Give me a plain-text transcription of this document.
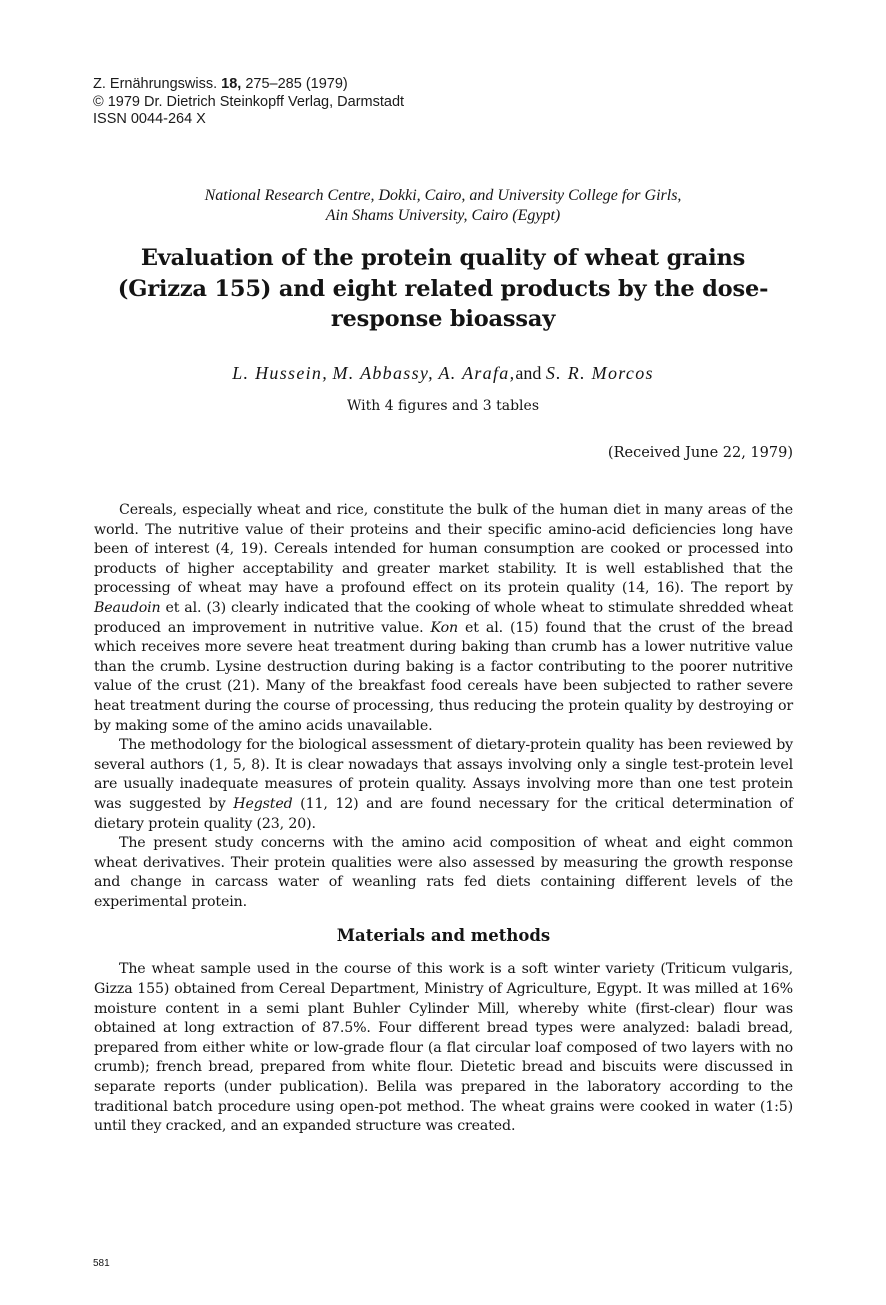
Z. Ernährungswiss. 18, 275–285 (1979)
© 1979 Dr. Dietrich Steinkopff Verlag, Darmstadt
ISSN 0044-264 X
National Research Centre, Dokki, Cairo, and University College for Girls,
Ain Shams University, Cairo (Egypt)
Evaluation of the protein quality of wheat grains (Grizza 155) and eight related products by the dose-response bioassay
L. Hussein, M. Abbassy, A. Arafa,and S. R. Morcos
With 4 figures and 3 tables
(Received June 22, 1979)

Cereals, especially wheat and rice, constitute the bulk of the human diet in many areas of the world. The nutritive value of their proteins and their specific amino-acid deficiencies long have been of interest (4, 19). Cereals intended for human consumption are cooked or processed into products of higher acceptability and greater market stability. It is well established that the processing of wheat may have a profound effect on its protein quality (14, 16). The report by Beaudoin et al. (3) clearly indicated that the cooking of whole wheat to stimulate shredded wheat produced an improvement in nutritive value. Kon et al. (15) found that the crust of the bread which receives more severe heat treatment during baking than crumb has a lower nutritive value than the crumb. Lysine destruction during baking is a factor contributing to the poorer nutritive value of the crust (21). Many of the breakfast food cereals have been subjected to rather severe heat treatment during the course of processing, thus reducing the protein quality by destroying or by making some of the amino acids unavailable.

The methodology for the biological assessment of dietary-protein quality has been reviewed by several authors (1, 5, 8). It is clear nowadays that assays involving only a single test-protein level are usually inadequate measures of protein quality. Assays involving more than one test protein was suggested by Hegsted (11, 12) and are found necessary for the critical determination of dietary protein quality (23, 20).

The present study concerns with the amino acid composition of wheat and eight common wheat derivatives. Their protein qualities were also assessed by measuring the growth response and change in carcass water of weanling rats fed diets containing different levels of the experimental protein.

Materials and methods

The wheat sample used in the course of this work is a soft winter variety (Triticum vulgaris, Gizza 155) obtained from Cereal Department, Ministry of Agriculture, Egypt. It was milled at 16% moisture content in a semi plant Buhler Cylinder Mill, whereby white (first-clear) flour was obtained at long extraction of 87.5%. Four different bread types were analyzed: baladi bread, prepared from either white or low-grade flour (a flat circular loaf composed of two layers with no crumb); french bread, prepared from white flour. Dietetic bread and biscuits were discussed in separate reports (under publication). Belila was prepared in the laboratory according to the traditional batch procedure using open-pot method. The wheat grains were cooked in water (1:5) until they cracked, and an expanded structure was created.

581
